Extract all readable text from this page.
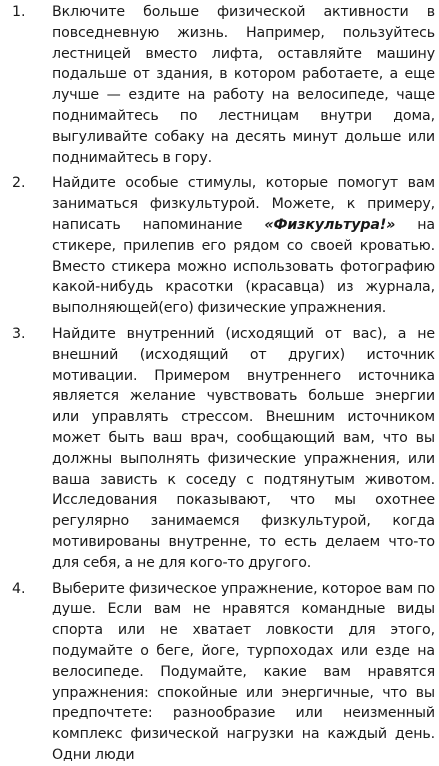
1.	Включите больше физической активности в повседневную жизнь. Например, пользуйтесь лестницей вместо лифта, оставляйте машину подальше от здания, в котором работаете, а еще лучше — ездите на работу на велосипеде, чаще поднимайтесь по лестницам внутри дома, выгуливайте собаку на десять минут дольше или поднимайтесь в гору.
2.	Найдите особые стимулы, которые помогут вам заниматься физкультурой. Можете, к примеру, написать напоминание «Физкультура!» на стикере, прилепив его рядом со своей кроватью. Вместо стикера можно использовать фотографию какой-нибудь красотки (красавца) из журнала, выполняющей(его) физические упражнения.
3.	Найдите внутренний (исходящий от вас), а не внешний (исходящий от других) источник мотивации. Примером внутреннего источника является желание чувствовать больше энергии или управлять стрессом. Внешним источником может быть ваш врач, сообщающий вам, что вы должны выполнять физические упражнения, или ваша зависть к соседу с подтянутым животом. Исследования показывают, что мы охотнее регулярно занимаемся физкультурой, когда мотивированы внутренне, то есть делаем что-то для себя, а не для кого-то другого.
4.	Выберите физическое упражнение, которое вам по душе. Если вам не нравятся командные виды спорта или не хватает ловкости для этого, подумайте о беге, йоге, турпоходах или езде на велосипеде. Подумайте, какие вам нравятся упражнения: спокойные или энергичные, что вы предпочтете: разнообразие или неизменный комплекс физической нагрузки на каждый день. Одни люди
